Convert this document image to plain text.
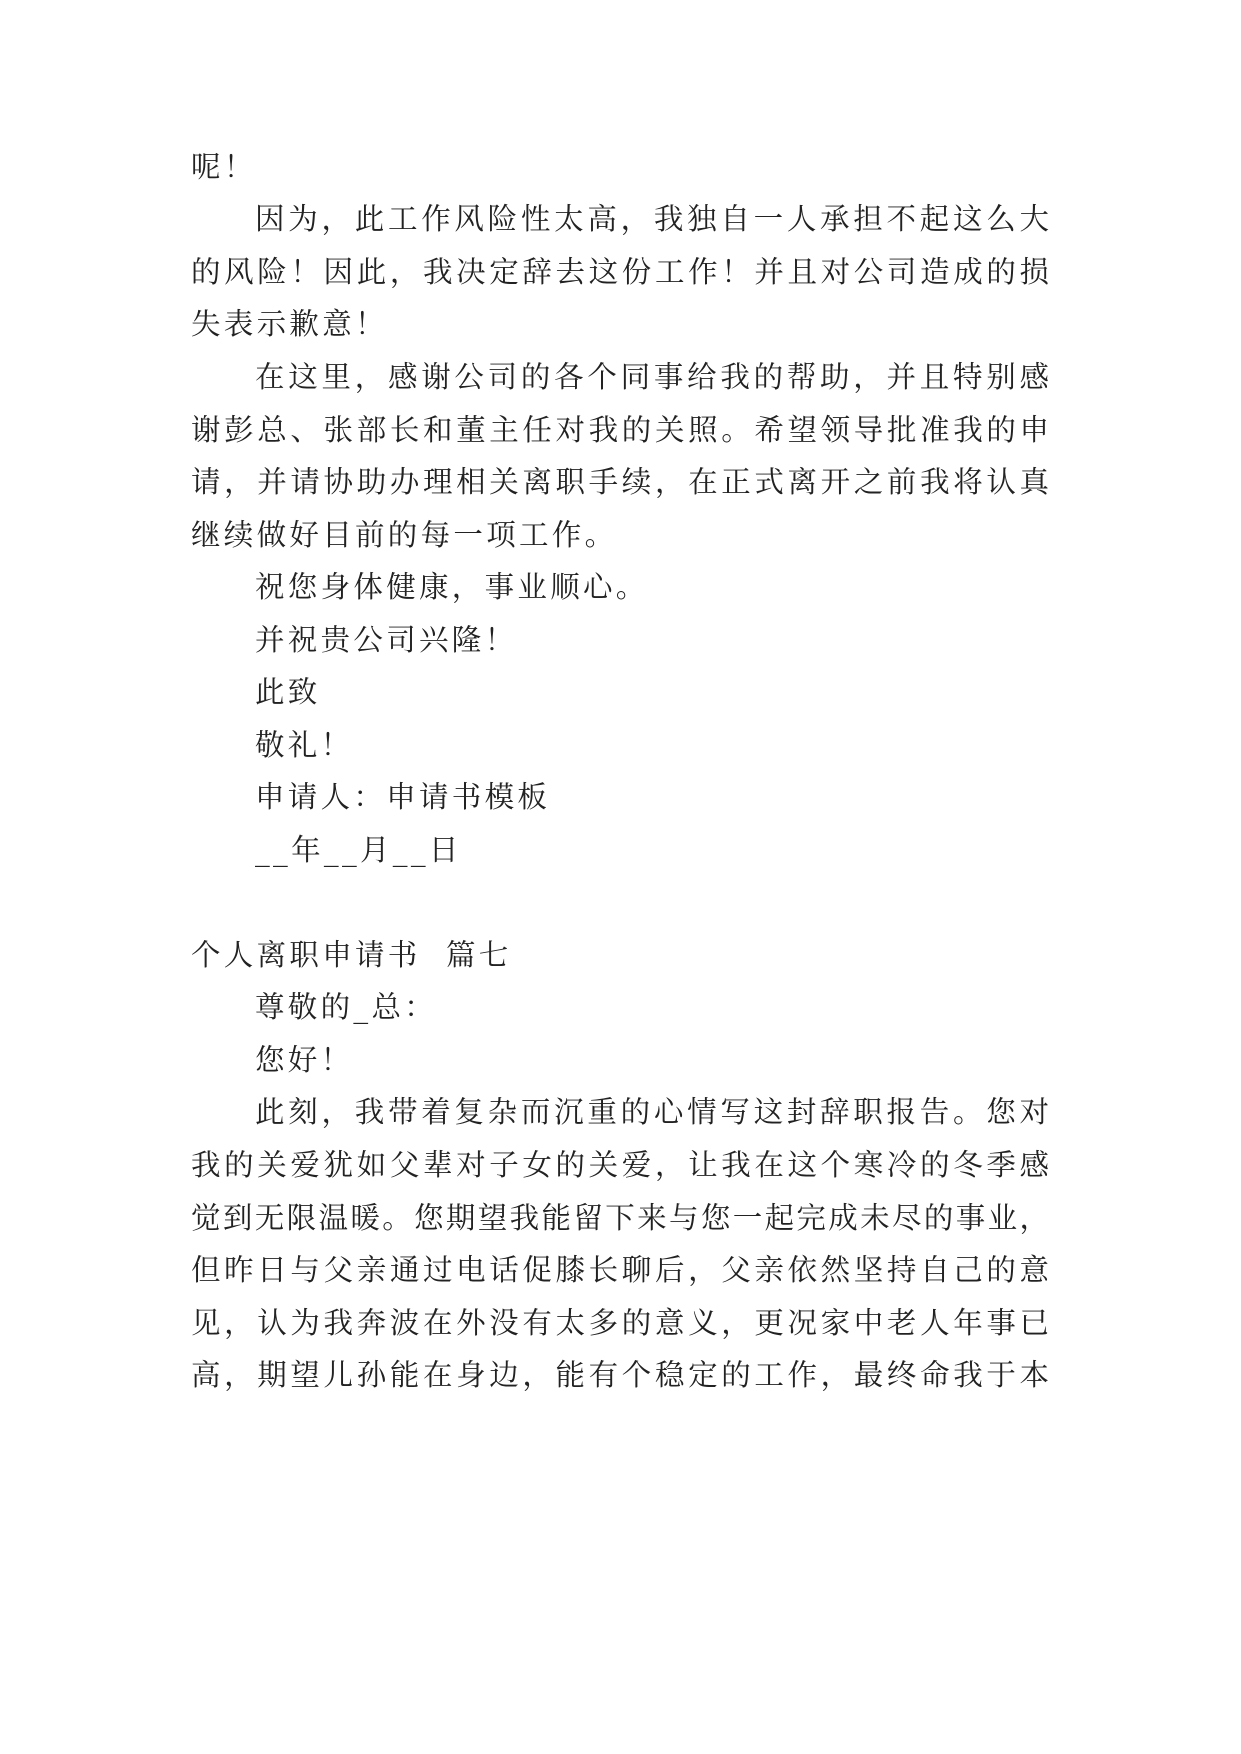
呢！
因为，此工作风险性太高，我独自一人承担不起这么大
的风险！因此，我决定辞去这份工作！并且对公司造成的损
失表示歉意！
在这里，感谢公司的各个同事给我的帮助，并且特别感
谢彭总、张部长和董主任对我的关照。希望领导批准我的申
请，并请协助办理相关离职手续，在正式离开之前我将认真
继续做好目前的每一项工作。
祝您身体健康，事业顺心。
并祝贵公司兴隆！
此致
敬礼！
申请人：申请书模板
__年__月__日
个人离职申请书  篇七
尊敬的_总：
您好！
此刻，我带着复杂而沉重的心情写这封辞职报告。您对
我的关爱犹如父辈对子女的关爱，让我在这个寒冷的冬季感
觉到无限温暖。您期望我能留下来与您一起完成未尽的事业，
但昨日与父亲通过电话促膝长聊后，父亲依然坚持自己的意
见，认为我奔波在外没有太多的意义，更况家中老人年事已
高，期望儿孙能在身边，能有个稳定的工作，最终命我于本
